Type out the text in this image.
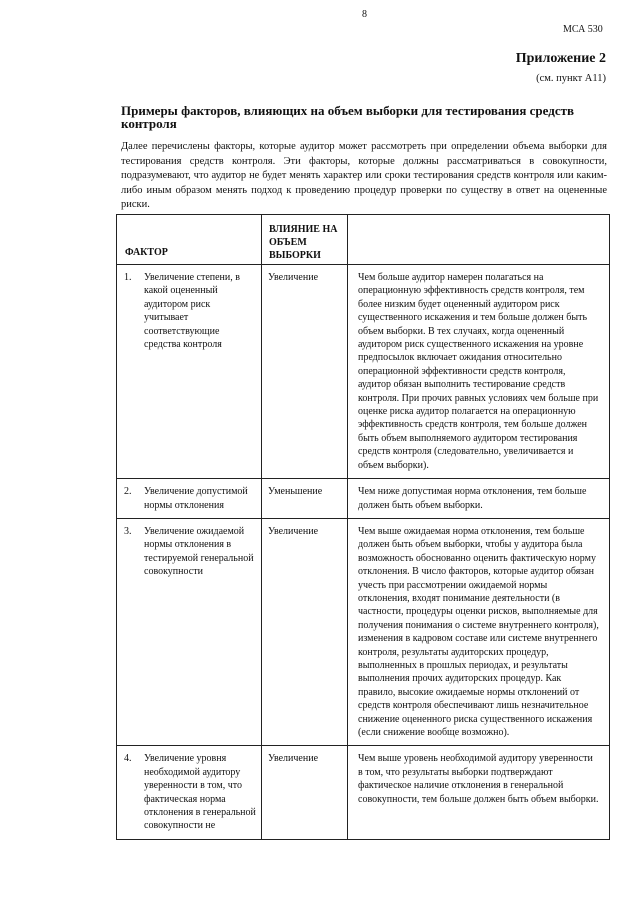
8
МСА 530
Приложение 2
(см. пункт А11)
Примеры факторов, влияющих на объем выборки для тестирования средств контроля
Далее перечислены факторы, которые аудитор может рассмотреть при определении объема выборки для тестирования средств контроля. Эти факторы, которые должны рассматриваться в совокупности, подразумевают, что аудитор не будет менять характер или сроки тестирования средств контроля или каким-либо иным образом менять подход к проведению процедур проверки по существу в ответ на оцененные риски.
ФАКТОР	ВЛИЯНИЕ НА ОБЪЕМ ВЫБОРКИ	

1. Увеличение степени, в какой оцененный аудитором риск учитывает соответствующие средства контроля	Увеличение	Чем больше аудитор намерен полагаться на операционную эффективность средств контроля, тем более низким будет оцененный аудитором риск существенного искажения и тем больше должен быть объем выборки. В тех случаях, когда оцененный аудитором риск существенного искажения на уровне предпосылок включает ожидания относительно операционной эффективности средств контроля, аудитор обязан выполнить тестирование средств контроля. При прочих равных условиях чем больше при оценке риска аудитор полагается на операционную эффективность средств контроля, тем больше должен быть объем выполняемого аудитором тестирования средств контроля (следовательно, увеличивается и объем выборки).

2. Увеличение допустимой нормы отклонения	Уменьшение	Чем ниже допустимая норма отклонения, тем больше должен быть объем выборки.

3. Увеличение ожидаемой нормы отклонения в тестируемой генеральной совокупности	Увеличение	Чем выше ожидаемая норма отклонения, тем больше должен быть объем выборки, чтобы у аудитора была возможность обоснованно оценить фактическую норму отклонения. В число факторов, которые аудитор обязан учесть при рассмотрении ожидаемой нормы отклонения, входят понимание деятельности (в частности, процедуры оценки рисков, выполняемые для получения понимания о системе внутреннего контроля), изменения в кадровом составе или системе внутреннего контроля, результаты аудиторских процедур, выполненных в прошлых периодах, и результаты выполнения прочих аудиторских процедур. Как правило, высокие ожидаемые нормы отклонений от средств контроля обеспечивают лишь незначительное снижение оцененного риска существенного искажения (если снижение вообще возможно).

4. Увеличение уровня необходимой аудитору уверенности в том, что фактическая норма отклонения в генеральной совокупности не	Увеличение	Чем выше уровень необходимой аудитору уверенности в том, что результаты выборки подтверждают фактическое наличие отклонения в генеральной совокупности, тем больше должен быть объем выборки.
